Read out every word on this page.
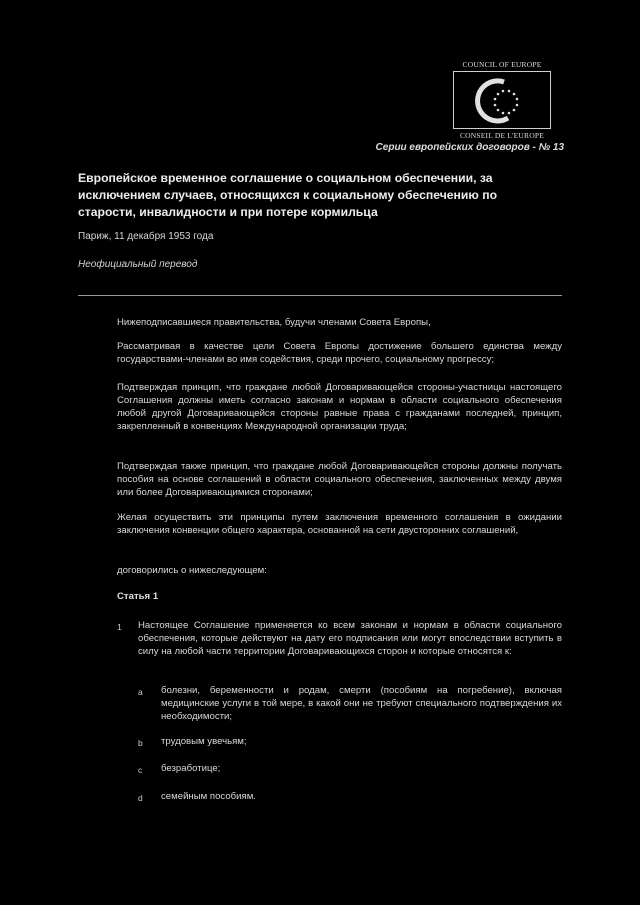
COUNCIL OF EUROPE
CONSEIL DE L'EUROPE
Серии европейских договоров - № 13
Европейское временное соглашение о социальном обеспечении, за исключением случаев, относящихся к социальному обеспечению по старости, инвалидности и при потере кормильца
Париж, 11 декабря 1953 года
Неофициальный перевод
Нижеподписавшиеся правительства, будучи членами Совета Европы,
Рассматривая в качестве цели Совета Европы достижение большего единства между государствами-членами во имя содействия, среди прочего, социальному прогрессу;
Подтверждая принцип, что граждане любой Договаривающейся стороны-участницы настоящего Соглашения должны иметь согласно законам и нормам в области социального обеспечения любой другой Договаривающейся стороны равные права с гражданами последней, принцип, закрепленный в конвенциях Международной организации труда;
Подтверждая также принцип, что граждане любой Договаривающейся стороны должны получать пособия на основе соглашений в области социального обеспечения, заключенных между двумя или более Договаривающимися сторонами;
Желая осуществить эти принципы путем заключения временного соглашения в ожидании заключения конвенции общего характера, основанной на сети двусторонних соглашений,
договорились о нижеследующем:
Статья 1
1 Настоящее Соглашение применяется ко всем законам и нормам в области социального обеспечения, которые действуют на дату его подписания или могут впоследствии вступить в силу на любой части территории Договаривающихся сторон и которые относятся к:
a болезни, беременности и родам, смерти (пособиям на погребение), включая медицинские услуги в той мере, в какой они не требуют специального подтверждения их необходимости;
b трудовым увечьям;
c безработице;
d семейным пособиям.
